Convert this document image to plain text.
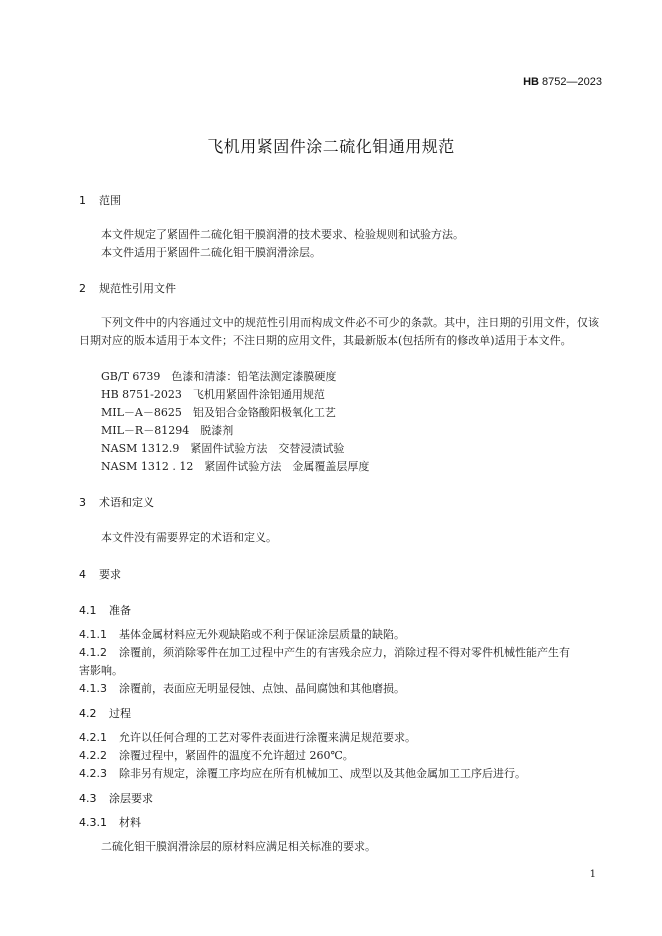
HB 8752—2023
飞机用紧固件涂二硫化钼通用规范
1 范围
本文件规定了紧固件二硫化钼干膜润滑的技术要求、检验规则和试验方法。
本文件适用于紧固件二硫化钼干膜润滑涂层。
2 规范性引用文件
下列文件中的内容通过文中的规范性引用而构成文件必不可少的条款。其中，注日期的引用文件，仅该日期对应的版本适用于本文件；不注日期的应用文件，其最新版本(包括所有的修改单)适用于本文件。
GB/T 6739　 色漆和清漆：铅笔法测定漆膜硬度
HB 8751-2023　 飞机用紧固件涂铝通用规范
MIL－A－8625　 铝及铝合金铬酸阳极氧化工艺
MIL－R－81294　 脱漆剂
NASM 1312.9　 紧固件试验方法　交替浸渍试验
NASM 1312 . 12　 紧固件试验方法　金属覆盖层厚度
3 术语和定义
本文件没有需要界定的术语和定义。
4 要求
4.1 准备
4.1.1 基体金属材料应无外观缺陷或不利于保证涂层质量的缺陷。
4.1.2 涂覆前，须消除零件在加工过程中产生的有害残余应力，消除过程不得对零件机械性能产生有
害影响。
4.1.3 涂覆前，表面应无明显侵蚀、点蚀、晶间腐蚀和其他磨损。
4.2 过程
4.2.1 允许以任何合理的工艺对零件表面进行涂覆来满足规范要求。
4.2.2 涂覆过程中，紧固件的温度不允许超过 260℃。
4.2.3 除非另有规定，涂覆工序均应在所有机械加工、成型以及其他金属加工工序后进行。
4.3 涂层要求
4.3.1 材料
二硫化钼干膜润滑涂层的原材料应满足相关标准的要求。
1
